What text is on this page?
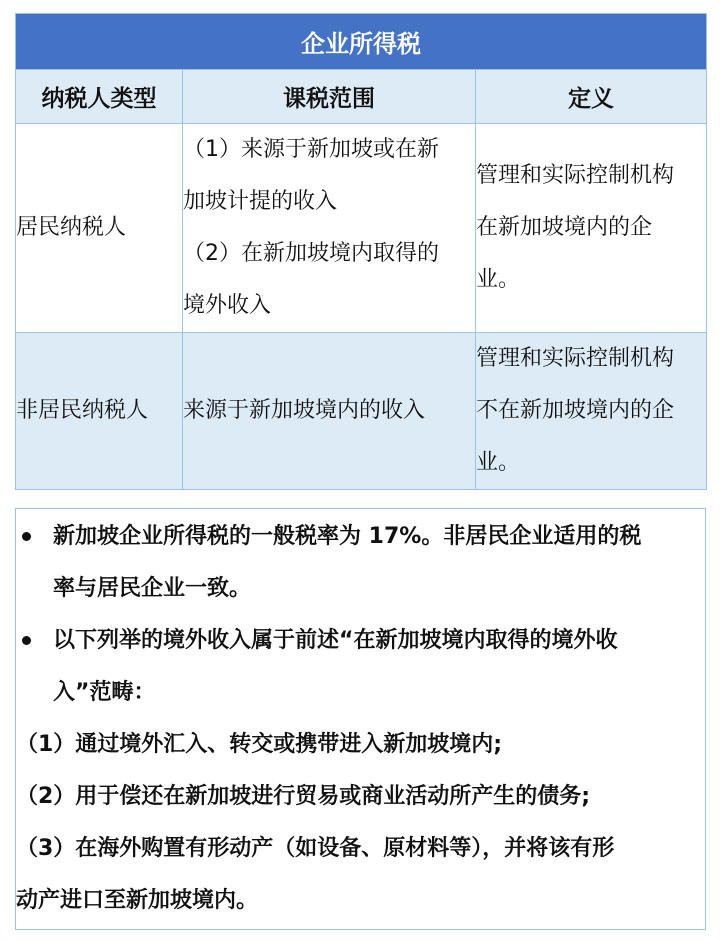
企业所得税		
纳税人类型	课税范围	定义
居民纳税人	（1）来源于新加坡或在新
加坡计提的收入
（2）在新加坡境内取得的
境外收入	管理和实际控制机构
在新加坡境内的企
业。

非居民纳税人	来源于新加坡境内的收入	管理和实际控制机构
不在新加坡境内的企
业。
新加坡企业所得税的一般税率为 17%。非居民企业适用的税
率与居民企业一致。
以下列举的境外收入属于前述“在新加坡境内取得的境外收
入”范畴：
（1）通过境外汇入、转交或携带进入新加坡境内;
（2）用于偿还在新加坡进行贸易或商业活动所产生的债务;
（3）在海外购置有形动产（如设备、原材料等），并将该有形
动产进口至新加坡境内。
